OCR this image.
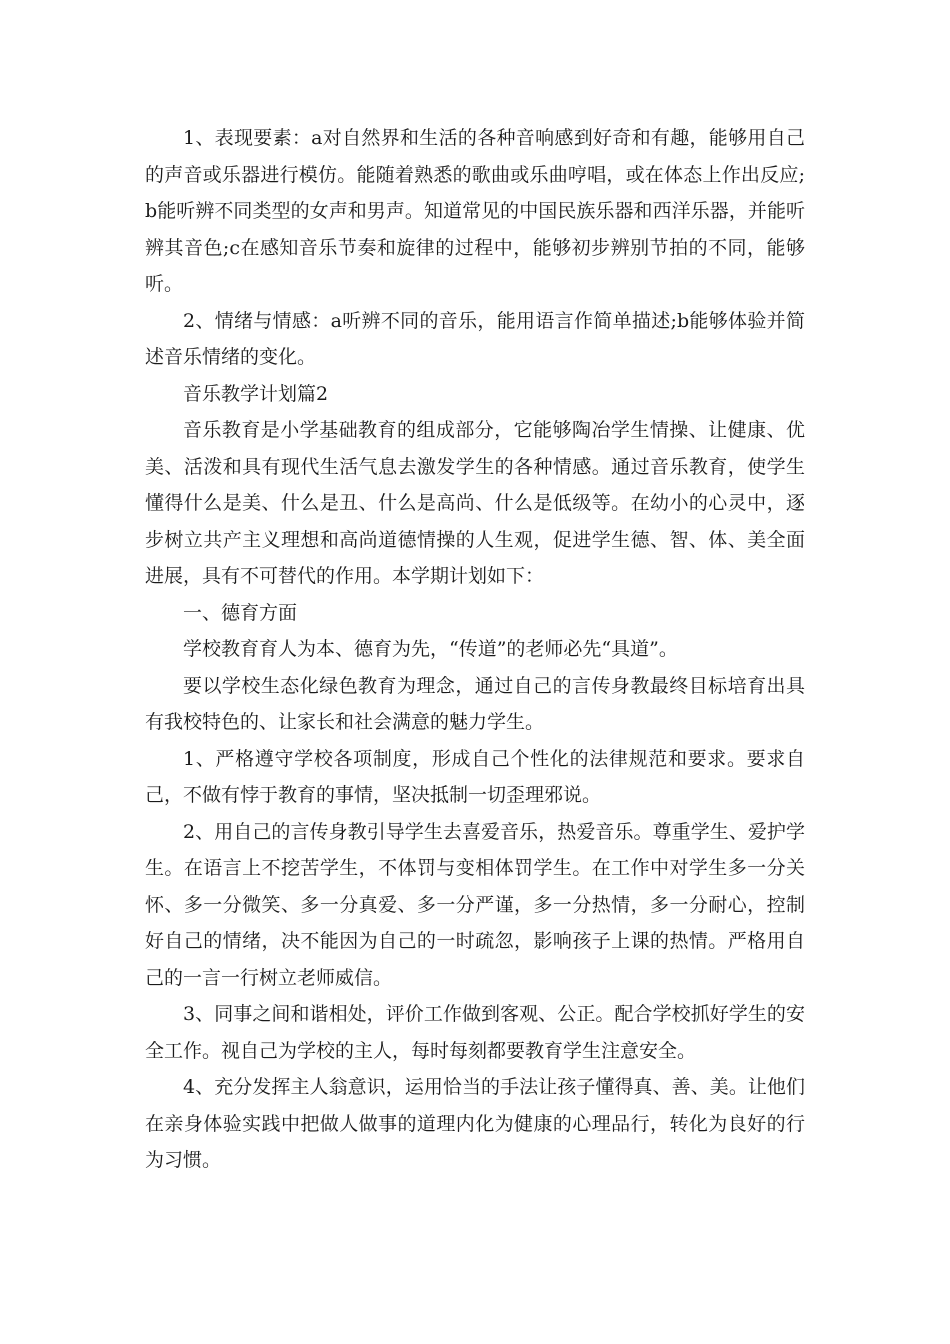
1、表现要素：a对自然界和生活的各种音响感到好奇和有趣，能够用自己的声音或乐器进行模仿。能随着熟悉的歌曲或乐曲哼唱，或在体态上作出反应;b能听辨不同类型的女声和男声。知道常见的中国民族乐器和西洋乐器，并能听辨其音色;c在感知音乐节奏和旋律的过程中，能够初步辨别节拍的不同，能够听。

2、情绪与情感：a听辨不同的音乐，能用语言作简单描述;b能够体验并简述音乐情绪的变化。

音乐教学计划篇2

音乐教育是小学基础教育的组成部分，它能够陶冶学生情操、让健康、优美、活泼和具有现代生活气息去激发学生的各种情感。通过音乐教育，使学生懂得什么是美、什么是丑、什么是高尚、什么是低级等。在幼小的心灵中，逐步树立共产主义理想和高尚道德情操的人生观，促进学生德、智、体、美全面进展，具有不可替代的作用。本学期计划如下：

一、德育方面

学校教育育人为本、德育为先，“传道”的老师必先“具道”。

要以学校生态化绿色教育为理念，通过自己的言传身教最终目标培育出具有我校特色的、让家长和社会满意的魅力学生。

1、严格遵守学校各项制度，形成自己个性化的法律规范和要求。要求自己，不做有悖于教育的事情，坚决抵制一切歪理邪说。

2、用自己的言传身教引导学生去喜爱音乐，热爱音乐。尊重学生、爱护学生。在语言上不挖苦学生，不体罚与变相体罚学生。在工作中对学生多一分关怀、多一分微笑、多一分真爱、多一分严谨，多一分热情，多一分耐心，控制好自己的情绪，决不能因为自己的一时疏忽，影响孩子上课的热情。严格用自己的一言一行树立老师威信。

3、同事之间和谐相处，评价工作做到客观、公正。配合学校抓好学生的安全工作。视自己为学校的主人，每时每刻都要教育学生注意安全。

4、充分发挥主人翁意识，运用恰当的手法让孩子懂得真、善、美。让他们在亲身体验实践中把做人做事的道理内化为健康的心理品行，转化为良好的行为习惯。
